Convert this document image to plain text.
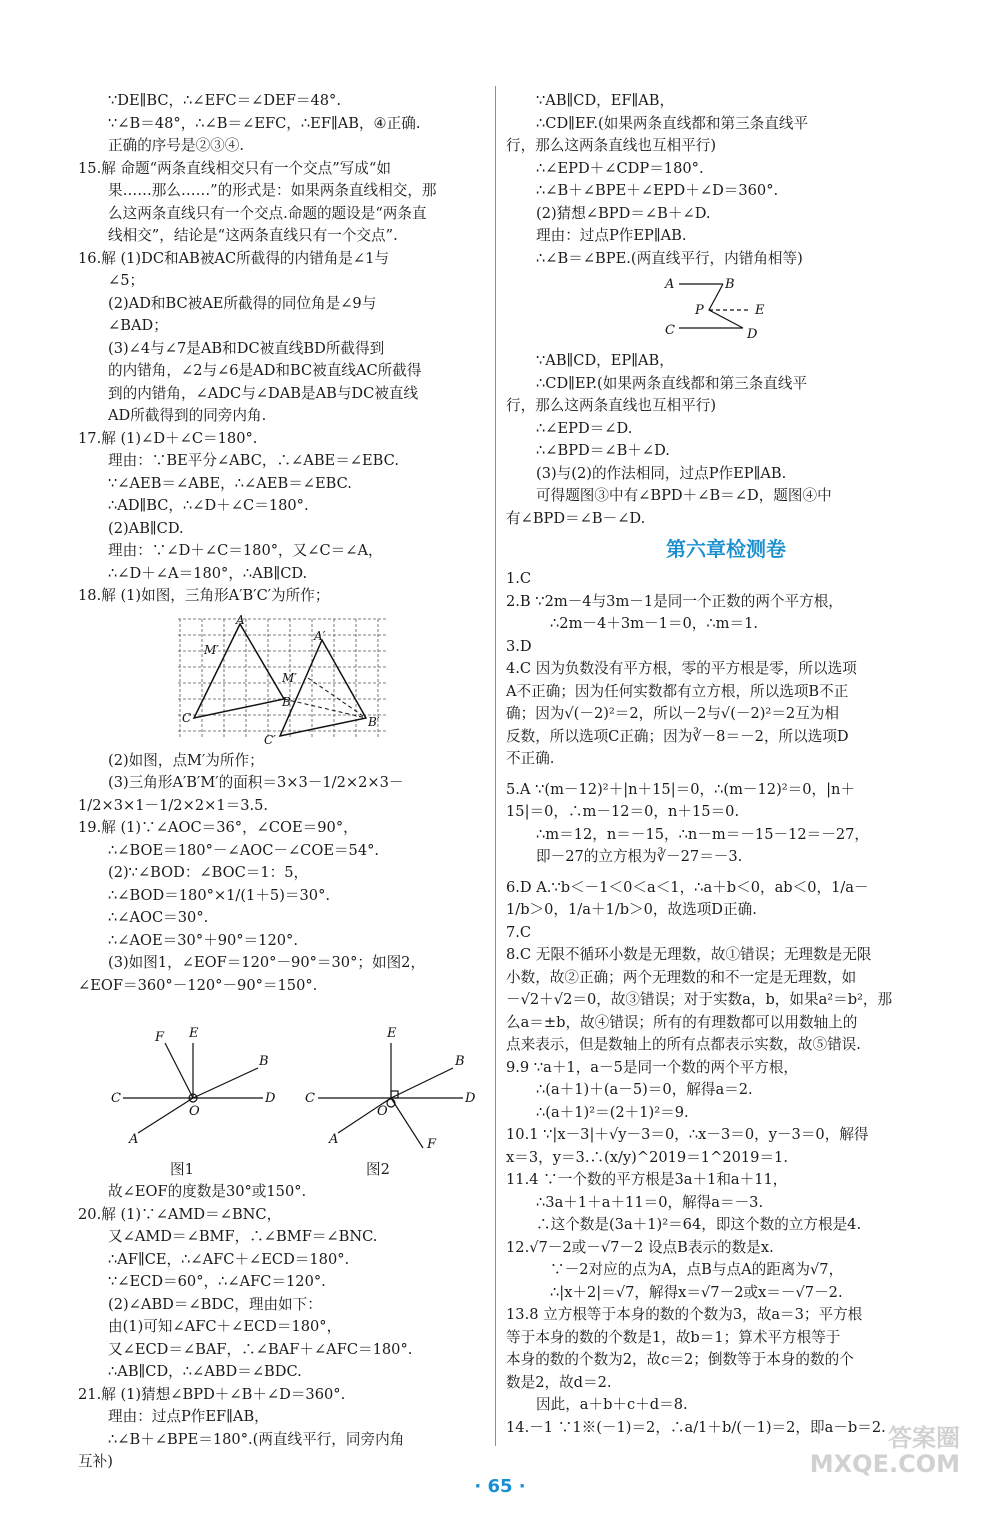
∵DE∥BC，∴∠EFC＝∠DEF＝48°.
∵∠B＝48°，∴∠B＝∠EFC，∴EF∥AB，④正确.
正确的序号是②③④.
15.解 命题“两条直线相交只有一个交点”写成“如
果……那么……”的形式是：如果两条直线相交，那
么这两条直线只有一个交点.命题的题设是“两条直
线相交”，结论是“这两条直线只有一个交点”.
16.解 (1)DC和AB被AC所截得的内错角是∠1与
∠5；
(2)AD和BC被AE所截得的同位角是∠9与
∠BAD；
(3)∠4与∠7是AB和DC被直线BD所截得到
的内错角，∠2与∠6是AD和BC被直线AC所截得
到的内错角，∠ADC与∠DAB是AB与DC被直线
AD所截得到的同旁内角.
17.解 (1)∠D＋∠C＝180°.
理由：∵BE平分∠ABC，∴∠ABE＝∠EBC.
∵∠AEB＝∠ABE，∴∠AEB＝∠EBC.
∴AD∥BC，∴∠D＋∠C＝180°.
(2)AB∥CD.
理由：∵∠D＋∠C＝180°，又∠C＝∠A，
∴∠D＋∠A＝180°，∴AB∥CD.
18.解 (1)如图，三角形A′B′C′为所作；
A
A′
M′
M′
B
C
C′
B′
(2)如图，点M′为所作；
(3)三角形A′B′M′的面积＝3×3－1/2×2×3－
1/2×3×1－1/2×2×1＝3.5.
19.解 (1)∵∠AOC＝36°，∠COE＝90°，
∴∠BOE＝180°－∠AOC－∠COE＝54°.
(2)∵∠BOD：∠BOC＝1：5，
∴∠BOD＝180°×1/(1＋5)＝30°.
∴∠AOC＝30°.
∴∠AOE＝30°＋90°＝120°.
(3)如图1，∠EOF＝120°－90°＝30°；如图2，
∠EOF＝360°－120°－90°＝150°.
F E
B
C	D
O
A
E
B
C	D
O
A	F
图1	图2
故∠EOF的度数是30°或150°.
20.解 (1)∵∠AMD＝∠BNC，
又∠AMD＝∠BMF，∴∠BMF＝∠BNC.
∴AF∥CE，∴∠AFC＋∠ECD＝180°.
∵∠ECD＝60°，∴∠AFC＝120°.
(2)∠ABD＝∠BDC，理由如下：
由(1)可知∠AFC＋∠ECD＝180°，
又∠ECD＝∠BAF，∴∠BAF＋∠AFC＝180°.
∴AB∥CD，∴∠ABD＝∠BDC.
21.解 (1)猜想∠BPD＋∠B＋∠D＝360°.
理由：过点P作EF∥AB，
∴∠B＋∠BPE＝180°.(两直线平行，同旁内角
互补)
∵AB∥CD，EF∥AB，
∴CD∥EF.(如果两条直线都和第三条直线平
行，那么这两条直线也互相平行)
∴∠EPD＋∠CDP＝180°.
∴∠B＋∠BPE＋∠EPD＋∠D＝360°.
(2)猜想∠BPD＝∠B＋∠D.
理由：过点P作EP∥AB.
∴∠B＝∠BPE.(两直线平行，内错角相等)
A	B
P	E
C	D
∵AB∥CD，EP∥AB，
∴CD∥EP.(如果两条直线都和第三条直线平
行，那么这两条直线也互相平行)
∴∠EPD＝∠D.
∴∠BPD＝∠B＋∠D.
(3)与(2)的作法相同，过点P作EP∥AB.
可得题图③中有∠BPD＋∠B＝∠D，题图④中
有∠BPD＝∠B－∠D.
第六章检测卷
1.C
2.B ∵2m－4与3m－1是同一个正数的两个平方根，
∴2m－4＋3m－1＝0，∴m＝1.
3.D
4.C 因为负数没有平方根，零的平方根是零，所以选项
A不正确；因为任何实数都有立方根，所以选项B不正
确；因为√(－2)²＝2，所以－2与√(－2)²＝2互为相
反数，所以选项C正确；因为∛－8＝－2，所以选项D
不正确.
5.A ∵(m－12)²＋|n＋15|＝0，∴(m－12)²＝0，|n＋
15|＝0，∴m－12＝0，n＋15＝0.
∴m＝12，n＝－15，∴n－m＝－15－12＝－27，
即－27的立方根为∛－27＝－3.
6.D A.∵b＜－1＜0＜a＜1，∴a＋b＜0，ab＜0，1/a－
1/b＞0，1/a＋1/b＞0，故选项D正确.
7.C
8.C 无限不循环小数是无理数，故①错误；无理数是无限
小数，故②正确；两个无理数的和不一定是无理数，如
－√2＋√2＝0，故③错误；对于实数a，b，如果a²＝b²，那
么a＝±b，故④错误；所有的有理数都可以用数轴上的
点来表示，但是数轴上的所有点都表示实数，故⑤错误.
9.9 ∵a＋1，a－5是同一个数的两个平方根，
∴(a＋1)＋(a－5)＝0，解得a＝2.
∴(a＋1)²＝(2＋1)²＝9.
10.1 ∵|x－3|＋√y－3＝0，∴x－3＝0，y－3＝0，解得
x＝3，y＝3.∴(x/y)^2019＝1^2019＝1.
11.4 ∵一个数的平方根是3a＋1和a＋11，
∴3a＋1＋a＋11＝0，解得a＝－3.
∴这个数是(3a＋1)²＝64，即这个数的立方根是4.
12.√7－2或－√7－2 设点B表示的数是x.
∵－2对应的点为A，点B与点A的距离为√7，
∴|x＋2|＝√7，解得x＝√7－2或x＝－√7－2.
13.8 立方根等于本身的数的个数为3，故a＝3；平方根
等于本身的数的个数是1，故b＝1；算术平方根等于
本身的数的个数为2，故c＝2；倒数等于本身的数的个
数是2，故d＝2.
因此，a＋b＋c＋d＝8.
14.－1 ∵1※(－1)＝2，∴a/1＋b/(－1)＝2，即a－b＝2.
· 65 ·
答案圈
MXQE.COM
